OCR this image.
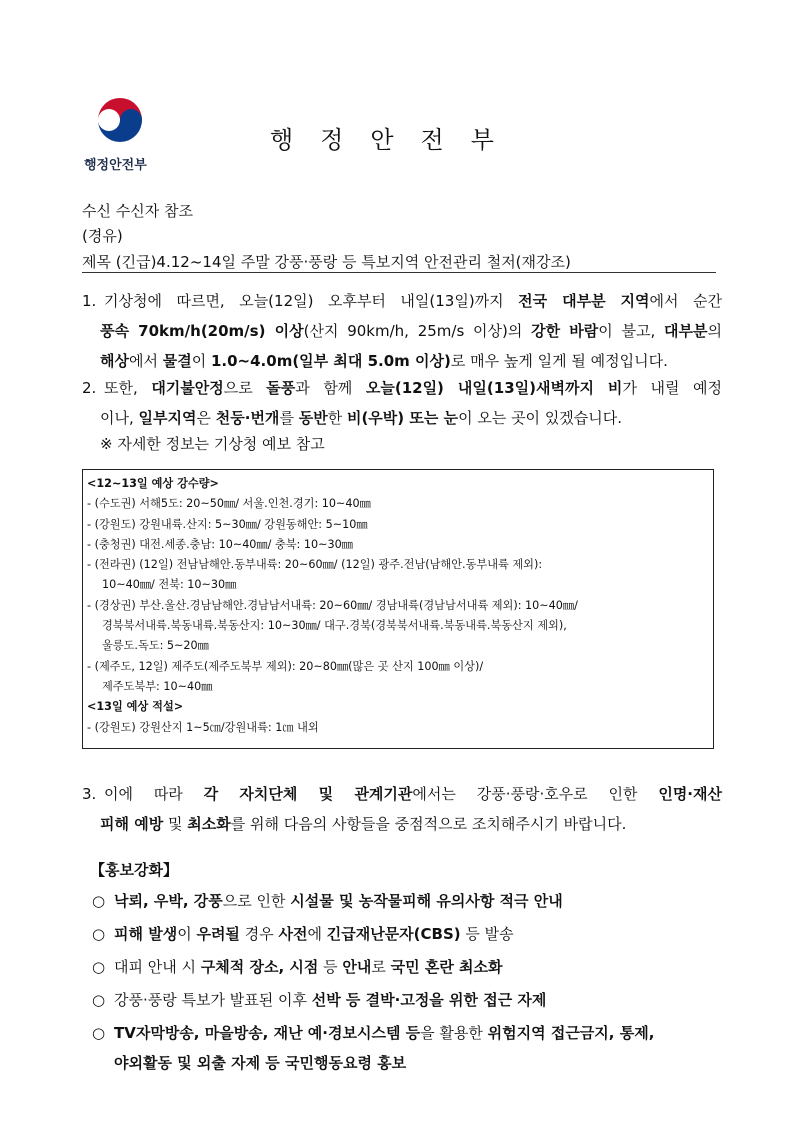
행정안전부
행정안전부
수신 수신자 참조
(경유)
제목 (긴급)4.12~14일 주말 강풍·풍랑 등 특보지역 안전관리 철저(재강조)
1. 기상청에 따르면, 오늘(12일) 오후부터 내일(13일)까지 전국 대부분 지역에서 순간
풍속 70km/h(20m/s) 이상(산지 90km/h, 25m/s 이상)의 강한 바람이 불고, 대부분의
해상에서 물결이 1.0~4.0m(일부 최대 5.0m 이상)로 매우 높게 일게 될 예정입니다.
2. 또한, 대기불안정으로 돌풍과 함께 오늘(12일) 내일(13일)새벽까지 비가 내릴 예정
이나, 일부지역은 천둥·번개를 동반한 비(우박) 또는 눈이 오는 곳이 있겠습니다.
※ 자세한 정보는 기상청 예보 참고
<12~13일 예상 강수량>
- (수도권) 서해5도: 20~50㎜/ 서울.인천.경기: 10~40㎜
- (강원도) 강원내륙.산지: 5~30㎜/ 강원동해안: 5~10㎜
- (충청권) 대전.세종.충남: 10~40㎜/ 충북: 10~30㎜
- (전라권) (12일) 전남남해안.동부내륙: 20~60㎜/ (12일) 광주.전남(남해안.동부내륙 제외):
10~40㎜/ 전북: 10~30㎜
- (경상권) 부산.울산.경남남해안.경남남서내륙: 20~60㎜/ 경남내륙(경남남서내륙 제외): 10~40㎜/
경북북서내륙.북동내륙.북동산지: 10~30㎜/ 대구.경북(경북북서내륙.북동내륙.북동산지 제외),
울릉도.독도: 5~20㎜
- (제주도, 12일) 제주도(제주도북부 제외): 20~80㎜(많은 곳 산지 100㎜ 이상)/
제주도북부: 10~40㎜
<13일 예상 적설>
- (강원도) 강원산지 1~5㎝/강원내륙: 1㎝ 내외
3. 이에 따라 각 자치단체 및 관계기관에서는 강풍·풍랑·호우로 인한 인명·재산
피해 예방 및 최소화를 위해 다음의 사항들을 중점적으로 조치해주시기 바랍니다.
【홍보강화】
○ 낙뢰, 우박, 강풍으로 인한 시설물 및 농작물피해 유의사항 적극 안내
○ 피해 발생이 우려될 경우 사전에 긴급재난문자(CBS) 등 발송
○ 대피 안내 시 구체적 장소, 시점 등 안내로 국민 혼란 최소화
○ 강풍·풍랑 특보가 발표된 이후 선박 등 결박·고정을 위한 접근 자제
○ TV자막방송, 마을방송, 재난 예·경보시스템 등을 활용한 위험지역 접근금지, 통제,
야외활동 및 외출 자제 등 국민행동요령 홍보
